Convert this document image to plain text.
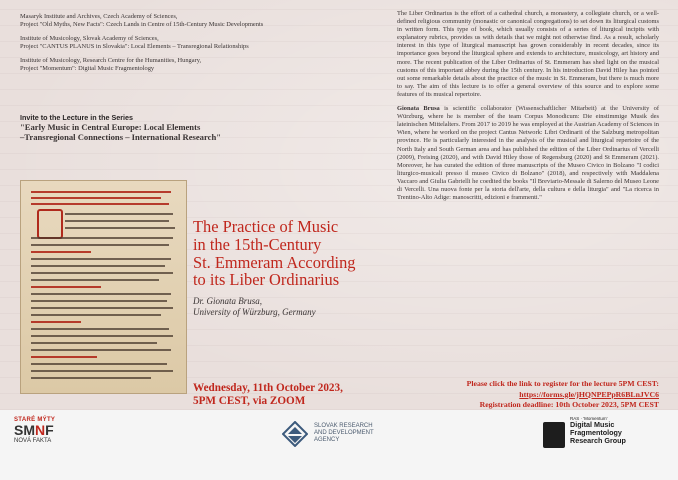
Masaryk Institute and Archives, Czech Academy of Sciences,
Project "Old Myths, New Facts": Czech Lands in Centre of 15th-Century Music Developments
Institute of Musicology, Slovak Academy of Sciences,
Project "CANTUS PLANUS in Slovakia": Local Elements – Transregional Relationships
Institute of Musicology, Research Centre for the Humanities, Hungary,
Project "Momentum": Digital Music Fragmentology
Invite to the Lecture in the Series
"Early Music in Central Europe: Local Elements
–Transregional Connections – International Research"
The Practice of Music
in the 15th-Century
St. Emmeram According
to its Liber Ordinarius
Dr. Gionata Brusa,
University of Würzburg, Germany
Wednesday, 11th October 2023,
5PM CEST, via ZOOM

The Liber Ordinarius is the effort of a cathedral church, a monastery, a collegiate church, or a well-defined religious community (monastic or canonical congregations) to set down its liturgical customs in written form. This type of book, which usually consists of a series of liturgical incipits with explanatory rubrics, provides us with details that we might not otherwise find. As a result, scholarly interest in this type of liturgical manuscript has grown considerably in recent decades, since its importance goes beyond the liturgical sphere and extends to architecture, musicology, art history and more. The recent publication of the Liber Ordinarius of St. Emmeram has shed light on the musical customs of this important abbey during the 15th century. In his introduction David Hiley has pointed out some remarkable details about the practice of the music in St. Emmeram, but there is much more to say. The aim of this lecture is to offer a general overview of this source and to explore some features of its musical repertoire.

Gionata Brusa is scientific collaborator (Wissenschaftlicher Mitarbeit) at the University of Würzburg, where he is member of the team Corpus Monodicum: Die einstimmige Musik des lateinischen Mittelalters. From 2017 to 2019 he was employed at the Austrian Academy of Sciences in Wien, where he worked on the project Cantus Network: Libri Ordinarii of the Salzburg metropolitan province. He is particularly interested in the analysis of the musical and liturgical repertoire of the North Italy and South German area and has published the edition of the Liber Ordinarius of Vercelli (2009), Freising (2020), and with David Hiley those of Regensburg (2020) and St Emmeram (2021). Moreover, he has curated the edition of three manuscripts of the Museo Civico in Bolzano "I codici liturgico-musicali presso il museo Civico di Bolzano" (2018), and respectively with Maddalena Vaccaro and Giulia Gabrielli he coedited the books "Il Breviario-Messale di Salerno del Museo Leone di Vercelli. Una nuova fonte per la storia dell'arte, della cultura e della liturgia" and "La ricerca in Trentino-Alto Adige: manoscritti, edizioni e frammenti."

Please click the link to register for the lecture 5PM CEST:
https://forms.gle/jHQNPEPpR6BLnJVC6
Registration deadline: 10th October 2023, 5PM CEST
STARÉ MÝTY
SMNF
NOVÁ FAKTA
SLOVAK RESEARCH
AND DEVELOPMENT
AGENCY
RAS · 'Momentum'
Digital Music
Fragmentology
Research Group
